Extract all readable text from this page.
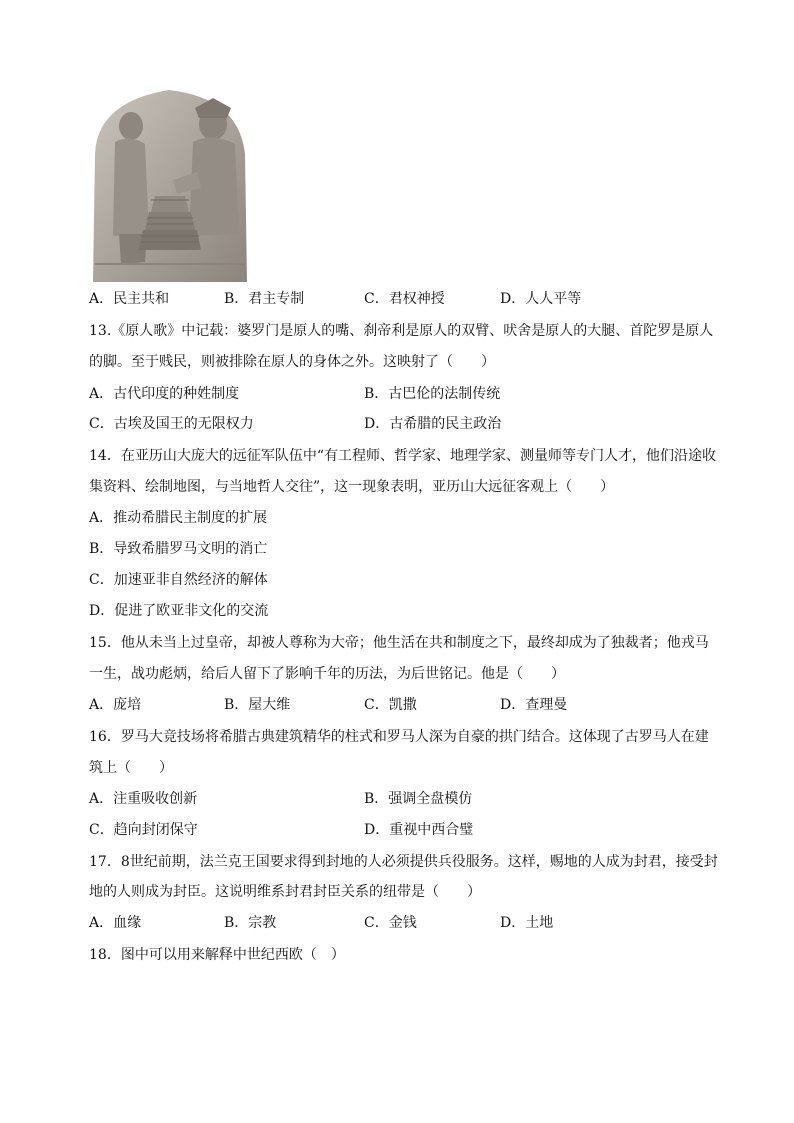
A．民主共和	B．君主专制	C．君权神授	D．人人平等
13.《原人歌》中记载：婆罗门是原人的嘴、刹帝利是原人的双臂、吠舍是原人的大腿、首陀罗是原人
的脚。至于贱民，则被排除在原人的身体之外。这映射了（　　）
A．古代印度的种姓制度	B．古巴伦的法制传统
C．古埃及国王的无限权力	D．古希腊的民主政治
14．在亚历山大庞大的远征军队伍中“有工程师、哲学家、地理学家、测量师等专门人才，他们沿途收
集资料、绘制地图，与当地哲人交往”，这一现象表明，亚历山大远征客观上（　　）
A．推动希腊民主制度的扩展
B．导致希腊罗马文明的消亡
C．加速亚非自然经济的解体
D．促进了欧亚非文化的交流
15．他从未当上过皇帝，却被人尊称为大帝；他生活在共和制度之下，最终却成为了独裁者；他戎马
一生，战功彪炳，给后人留下了影响千年的历法，为后世铭记。他是（　　）
A．庞培	B．屋大维	C．凯撒	D．查理曼
16．罗马大竞技场将希腊古典建筑精华的柱式和罗马人深为自豪的拱门结合。这体现了古罗马人在建
筑上（　　）
A．注重吸收创新	B．强调全盘模仿
C．趋向封闭保守	D．重视中西合璧
17．8世纪前期，法兰克王国要求得到封地的人必须提供兵役服务。这样，赐地的人成为封君，接受封
地的人则成为封臣。这说明维系封君封臣关系的纽带是（　　）
A．血缘	B．宗教	C．金钱	D．土地
18．图中可以用来解释中世纪西欧（　）
